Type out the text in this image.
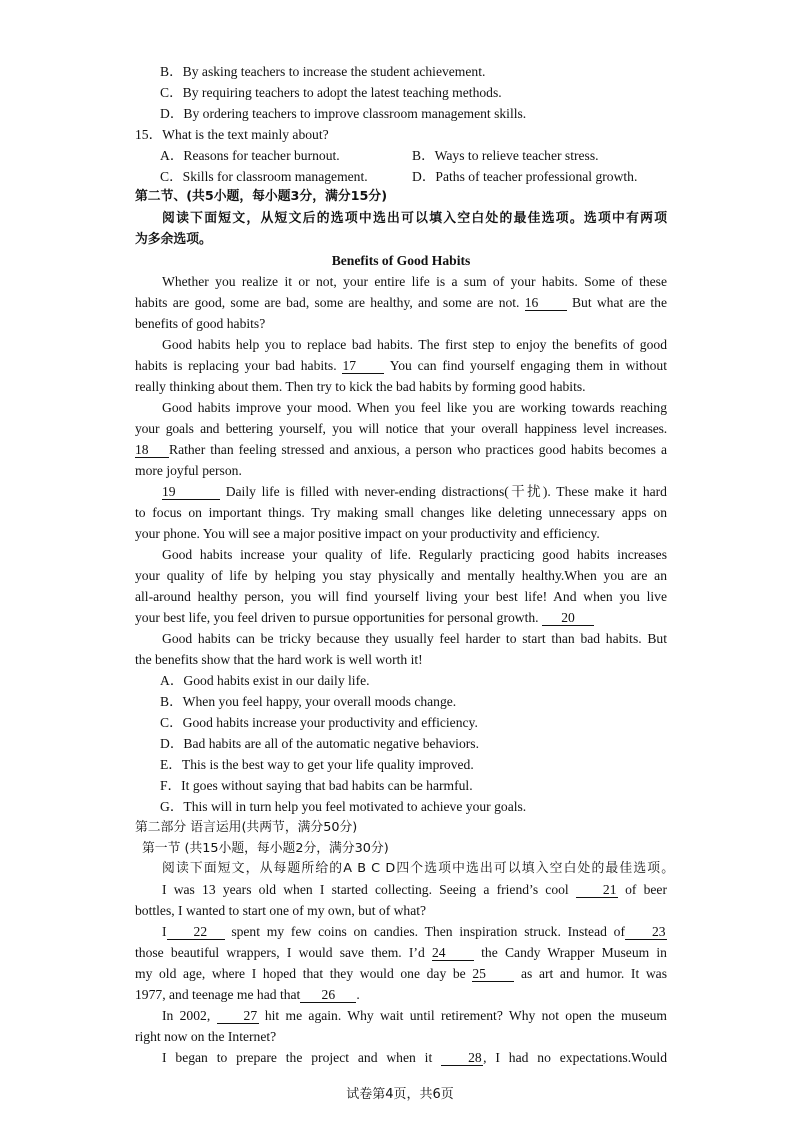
B．By asking teachers to increase the student achievement.
C．By requiring teachers to adopt the latest teaching methods.
D．By ordering teachers to improve classroom management skills.
15．What is the text mainly about?
A．Reasons for teacher burnout.	B．Ways to relieve teacher stress.
C．Skills for classroom management.	D．Paths of teacher professional growth.
第二节、(共5小题，每小题3分，满分15分)
阅读下面短文，从短文后的选项中选出可以填入空白处的最佳选项。选项中有两项
为多余选项。
Benefits of Good Habits
Whether you realize it or not, your entire life is a sum of your habits. Some of these
habits are good, some are bad, some are healthy, and some are not. 16 But what are the
benefits of good habits?
Good habits help you to replace bad habits. The first step to enjoy the benefits of good
habits is replacing your bad habits. 17 You can find yourself engaging them in without
really thinking about them. Then try to kick the bad habits by forming good habits.
Good habits improve your mood. When you feel like you are working towards reaching
your goals and bettering yourself, you will notice that your overall happiness level increases.
18 Rather than feeling stressed and anxious, a person who practices good habits becomes a
more joyful person.
19	Daily life is filled with never-ending distractions(干扰). These make it hard
to focus on important things. Try making small changes like deleting unnecessary apps on
your phone. You will see a major positive impact on your productivity and efficiency.
Good habits increase your quality of life. Regularly practicing good habits increases
your quality of life by helping you stay physically and mentally healthy.When you are an
all-around healthy person, you will find yourself living your best life! And when you live
your best life, you feel driven to pursue opportunities for personal growth. 20
Good habits can be tricky because they usually feel harder to start than bad habits. But
the benefits show that the hard work is well worth it!
A．Good habits exist in our daily life.
B．When you feel happy, your overall moods change.
C．Good habits increase your productivity and efficiency.
D．Bad habits are all of the automatic negative behaviors.
E．This is the best way to get your life quality improved.
F．It goes without saying that bad habits can be harmful.
G．This will in turn help you feel motivated to achieve your goals.
第二部分 语言运用(共两节，满分50分)
第一节 (共15小题，每小题2分，满分30分)
阅读下面短文，从每题所给的A B C D四个选项中选出可以填入空白处的最佳选项。
I was 13 years old when I started collecting. Seeing a friend’s cool	21 of beer
bottles, I wanted to start one of my own, but of what?
I 22 spent my few coins on candies. Then inspiration struck. Instead of 23
those beautiful wrappers, I would save them. I’d 24	the Candy Wrapper Museum in
my old age, where I hoped that they would one day be 25	as art and humor. It was
1977, and teenage me had that 26 .
In 2002, 27 hit me again. Why wait until retirement? Why not open the museum
right now on the Internet?
I began to prepare the project and when it	28, I had no expectations.Would
试卷第4页，共6页
